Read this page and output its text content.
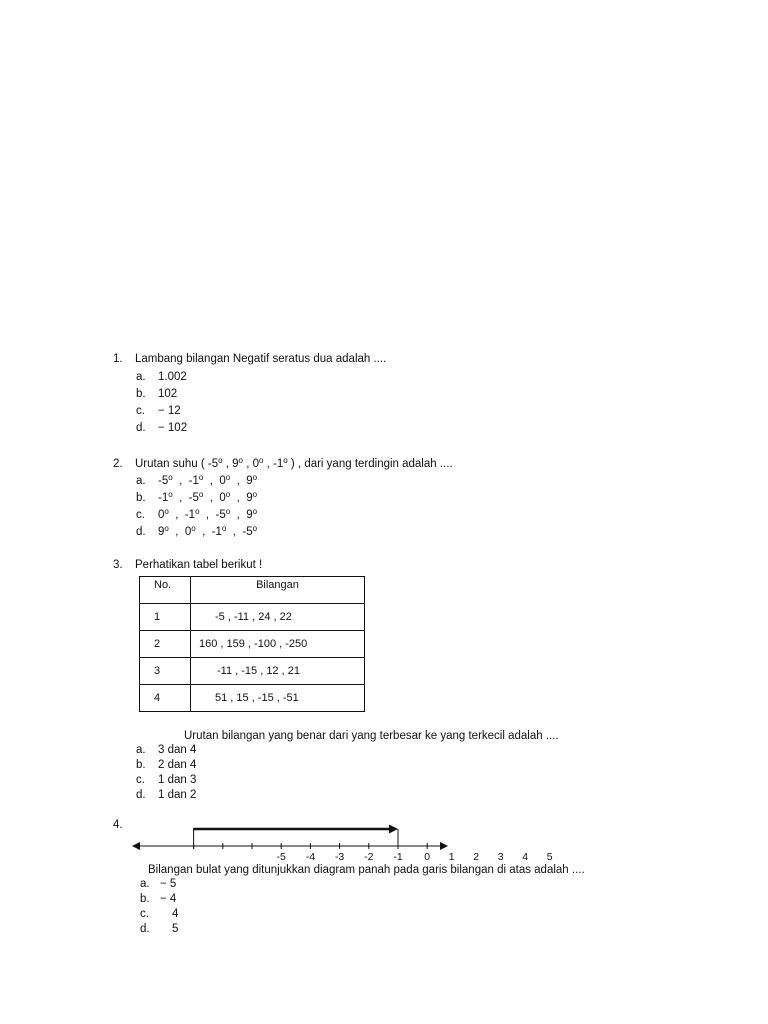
1. Lambang bilangan Negatif seratus dua adalah ....
a. 1.002
b. 102
c. − 12
d. − 102
2. Urutan suhu ( -5$^o$ , 9$^o$ , 0$^o$ , -1$^o$ ) , dari yang terdingin adalah ....
a. -5$^o$  ,  -1$^o$  ,  0$^o$  ,  9$^o$
b. -1$^o$  ,  -5$^o$  ,  0$^o$  ,  9$^o$
c. 0$^o$  ,  -1$^o$  ,  -5$^o$  ,  9$^o$
d. 9$^o$  ,  0$^o$  ,  -1$^o$  ,  -5$^o$
3. Perhatikan tabel berikut !
No.	Bilangan
1	-5 , -11 , 24 , 22
2	160 , 159 , -100 , -250
3	-11 , -15 , 12 , 21
4	51 , 15 , -15 , -51
Urutan bilangan yang benar dari yang terbesar ke yang terkecil adalah ....
a. 3 dan 4
b. 2 dan 4
c. 1 dan 3
d. 1 dan 2
4.
-5 -4 -3 -2 -1 0 1 2 3 4 5
Bilangan bulat yang ditunjukkan diagram panah pada garis bilangan di atas adalah ....
a. − 5
b. − 4
c. 4
d. 5
